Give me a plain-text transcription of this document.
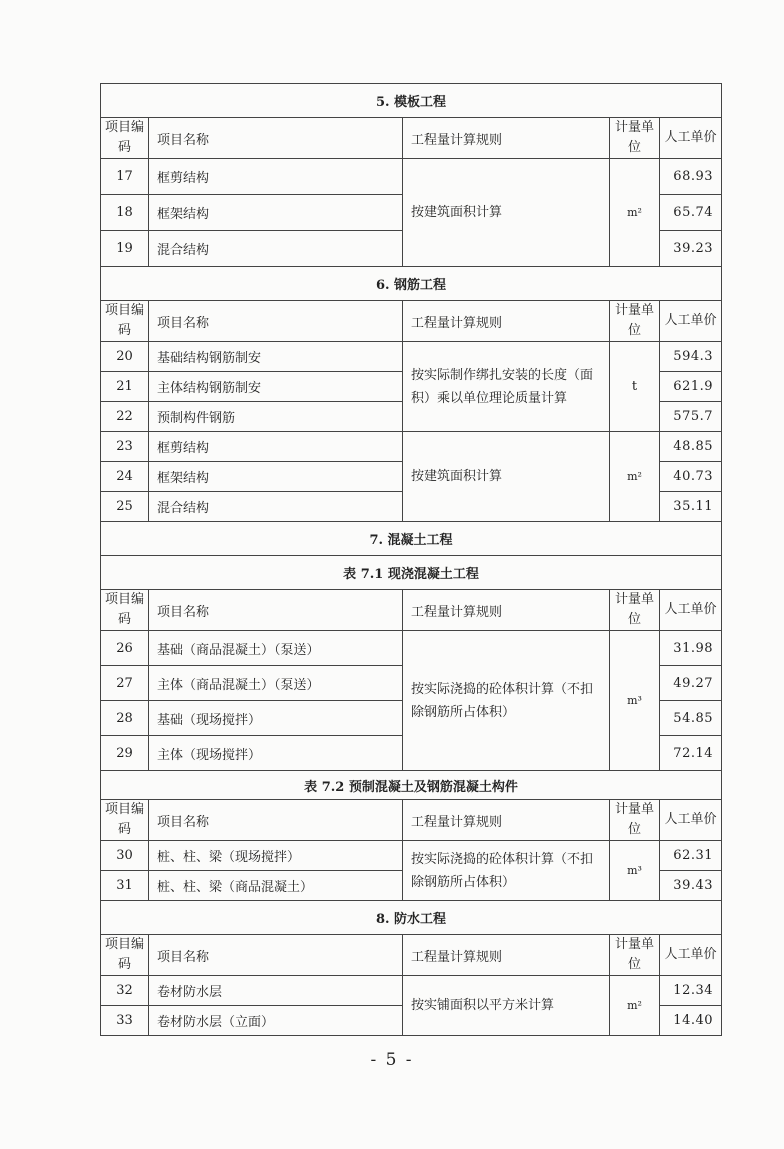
5. 模板工程				
项目编码	项目名称	工程量计算规则	计量单位	人工单价
17	框剪结构	按建筑面积计算	m²	68.93
18	框架结构			65.74
19	混合结构			39.23
6. 钢筋工程				
项目编码	项目名称	工程量计算规则	计量单位	人工单价
20	基础结构钢筋制安	按实际制作绑扎安装的长度（面积）乘以单位理论质量计算	t	594.3
21	主体结构钢筋制安			621.9
22	预制构件钢筋			575.7
23	框剪结构	按建筑面积计算	m²	48.85
24	框架结构			40.73
25	混合结构			35.11
7. 混凝土工程				
表 7.1 现浇混凝土工程				
项目编码	项目名称	工程量计算规则	计量单位	人工单价
26	基础（商品混凝土）（泵送）	按实际浇捣的砼体积计算（不扣除钢筋所占体积）	m³	31.98
27	主体（商品混凝土）（泵送）			49.27
28	基础（现场搅拌）			54.85
29	主体（现场搅拌）			72.14
表 7.2 预制混凝土及钢筋混凝土构件				
项目编码	项目名称	工程量计算规则	计量单位	人工单价
30	桩、柱、梁（现场搅拌）	按实际浇捣的砼体积计算（不扣除钢筋所占体积）	m³	62.31
31	桩、柱、梁（商品混凝土）			39.43
8. 防水工程				
项目编码	项目名称	工程量计算规则	计量单位	人工单价
32	卷材防水层	按实铺面积以平方米计算	m²	12.34
33	卷材防水层（立面）			14.40
- 5 -
